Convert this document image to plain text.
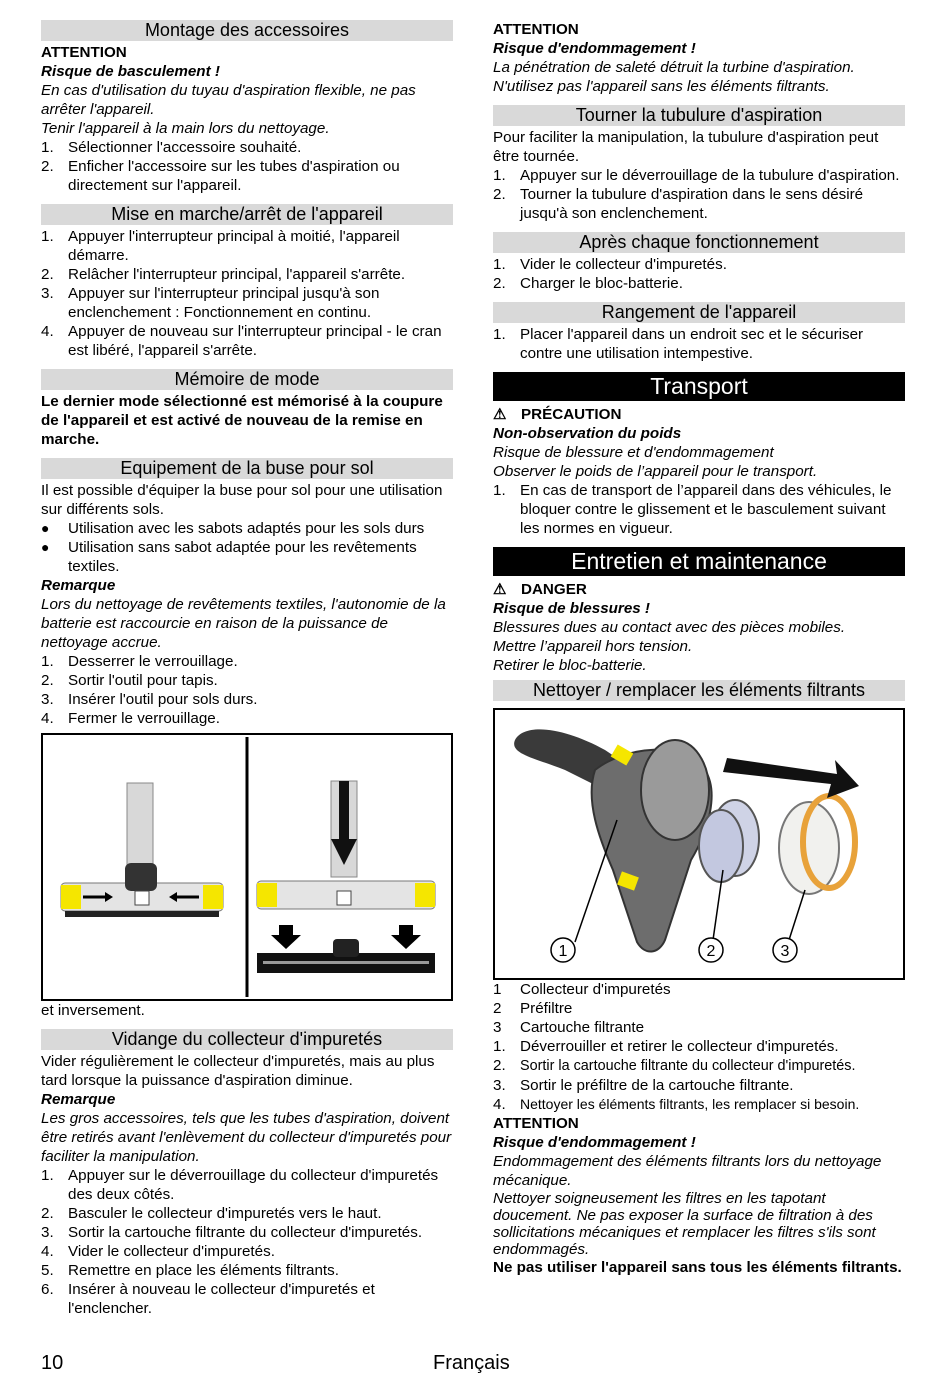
Montage des accessoires

ATTENTION

Risque de basculement !

En cas d'utilisation du tuyau d'aspiration flexible, ne pas arrêter l'appareil.

Tenir l'appareil à la main lors du nettoyage.

1. Sélectionner l'accessoire souhaité.
2. Enficher l'accessoire sur les tubes d'aspiration ou directement sur l'appareil.
Mise en marche/arrêt de l'appareil
1. Appuyer l'interrupteur principal à moitié, l'appareil démarre.
2. Relâcher l'interrupteur principal, l'appareil s'arrête.
3. Appuyer sur l'interrupteur principal jusqu'à son enclenchement : Fonctionnement en continu.
4. Appuyer de nouveau sur l'interrupteur principal - le cran est libéré, l'appareil s'arrête.
Mémoire de mode

Le dernier mode sélectionné est mémorisé à la coupure de l'appareil et est activé de nouveau de la remise en marche.

Equipement de la buse pour sol

Il est possible d'équiper la buse pour sol pour une utilisation sur différents sols.

● Utilisation avec les sabots adaptés pour les sols durs
● Utilisation sans sabot adaptée pour les revêtements textiles.

Remarque

Lors du nettoyage de revêtements textiles, l'autonomie de la batterie est raccourcie en raison de la puissance de nettoyage accrue.

1. Desserrer le verrouillage.
2. Sortir l'outil pour tapis.
3. Insérer l'outil pour sols durs.
4. Fermer le verrouillage.

et inversement.

Vidange du collecteur d'impuretés

Vider régulièrement le collecteur d'impuretés, mais au plus tard lorsque la puissance d'aspiration diminue.

Remarque

Les gros accessoires, tels que les tubes d'aspiration, doivent être retirés avant l'enlèvement du collecteur d'impuretés pour faciliter la manipulation.

1. Appuyer sur le déverrouillage du collecteur d'impuretés des deux côtés.
2. Basculer le collecteur d'impuretés vers le haut.
3. Sortir la cartouche filtrante du collecteur d'impuretés.
4. Vider le collecteur d'impuretés.
5. Remettre en place les éléments filtrants.
6. Insérer à nouveau le collecteur d'impuretés et l'enclencher.

ATTENTION

Risque d'endommagement !

La pénétration de saleté détruit la turbine d'aspiration.

N'utilisez pas l'appareil sans les éléments filtrants.

Tourner la tubulure d'aspiration

Pour faciliter la manipulation, la tubulure d'aspiration peut être tournée.

1. Appuyer sur le déverrouillage de la tubulure d'aspiration.
2. Tourner la tubulure d'aspiration dans le sens désiré jusqu'à son enclenchement.
Après chaque fonctionnement
1. Vider le collecteur d'impuretés.
2. Charger le bloc-batterie.
Rangement de l'appareil
1. Placer l'appareil dans un endroit sec et le sécuriser contre une utilisation intempestive.
Transport

⚠ PRÉCAUTION

Non-observation du poids

Risque de blessure et d'endommagement

Observer le poids de l’appareil pour le transport.

1. En cas de transport de l’appareil dans des véhicules, le bloquer contre le glissement et le basculement suivant les normes en vigueur.
Entretien et maintenance

⚠ DANGER

Risque de blessures !

Blessures dues au contact avec des pièces mobiles.

Mettre l’appareil hors tension.

Retirer le bloc-batterie.

Nettoyer / remplacer les éléments filtrants
1	2	3
1 Collecteur d'impuretés
2 Préfiltre
3 Cartouche filtrante
1. Déverrouiller et retirer le collecteur d'impuretés.
2. Sortir la cartouche filtrante du collecteur d'impuretés.
3. Sortir le préfiltre de la cartouche filtrante.
4. Nettoyer les éléments filtrants, les remplacer si besoin.

ATTENTION

Risque d'endommagement !

Endommagement des éléments filtrants lors du nettoyage mécanique.

Nettoyer soigneusement les filtres en les tapotant doucement. Ne pas exposer la surface de filtration à des sollicitations mécaniques et remplacer les filtres s'ils sont endommagés.

Ne pas utiliser l'appareil sans tous les éléments filtrants.

10	Français
